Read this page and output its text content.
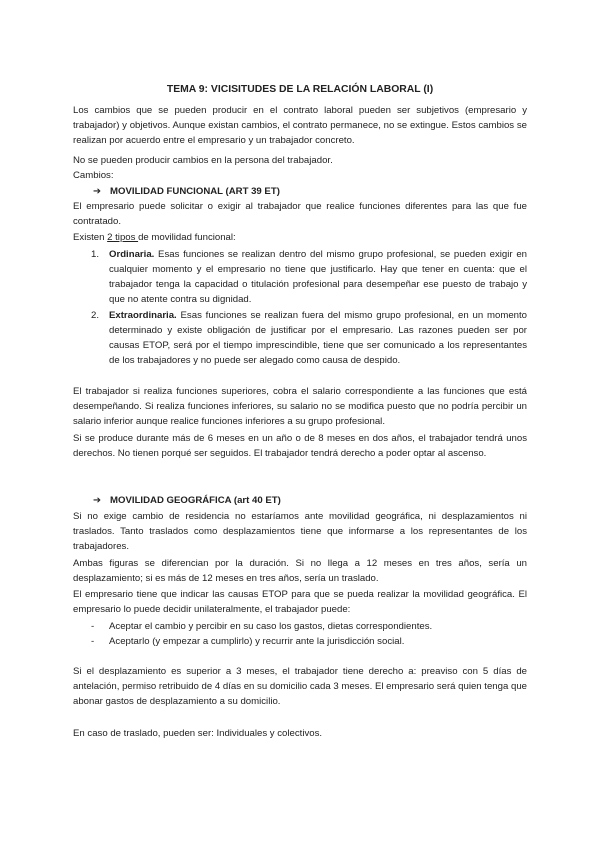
TEMA 9: VICISITUDES DE LA RELACIÓN LABORAL (I)

Los cambios que se pueden producir en el contrato laboral pueden ser subjetivos (empresario y trabajador) y objetivos. Aunque existan cambios, el contrato permanece, no se extingue. Estos cambios se realizan por acuerdo entre el empresario y un trabajador concreto.

No se pueden producir cambios en la persona del trabajador.
Cambios:
➔ MOVILIDAD FUNCIONAL (ART 39 ET)

El empresario puede solicitar o exigir al trabajador que realice funciones diferentes para las que fue contratado.

Existen 2 tipos de movilidad funcional:
1. Ordinaria. Esas funciones se realizan dentro del mismo grupo profesional, se pueden exigir en cualquier momento y el empresario no tiene que justificarlo. Hay que tener en cuenta: que el trabajador tenga la capacidad o titulación profesional para desempeñar ese puesto de trabajo y que no atente contra su dignidad.

2. Extraordinaria. Esas funciones se realizan fuera del mismo grupo profesional, en un momento determinado y existe obligación de justificar por el empresario. Las razones pueden ser por causas ETOP, será por el tiempo imprescindible, tiene que ser comunicado a los representantes de los trabajadores y no puede ser alegado como causa de despido.

El trabajador si realiza funciones superiores, cobra el salario correspondiente a las funciones que está desempeñando. Si realiza funciones inferiores, su salario no se modifica puesto que no podría percibir un salario inferior aunque realice funciones inferiores a su grupo profesional.

Si se produce durante más de 6 meses en un año o de 8 meses en dos años, el trabajador tendrá unos derechos. No tienen porqué ser seguidos. El trabajador tendrá derecho a poder optar al ascenso.

➔ MOVILIDAD GEOGRÁFICA (art 40 ET)

Si no exige cambio de residencia no estaríamos ante movilidad geográfica, ni desplazamientos ni traslados. Tanto traslados como desplazamientos tiene que informarse a los representantes de los trabajadores.

Ambas figuras se diferencian por la duración. Si no llega a 12 meses en tres años, sería un desplazamiento; si es más de 12 meses en tres años, sería un traslado.

El empresario tiene que indicar las causas ETOP para que se pueda realizar la movilidad geográfica. El empresario lo puede decidir unilateralmente, el trabajador puede:

- Aceptar el cambio y percibir en su caso los gastos, dietas correspondientes.
- Aceptarlo (y empezar a cumplirlo) y recurrir ante la jurisdicción social.

Si el desplazamiento es superior a 3 meses, el trabajador tiene derecho a: preaviso con 5 días de antelación, permiso retribuido de 4 días en su domicilio cada 3 meses. El empresario será quien tenga que abonar gastos de desplazamiento a su domicilio.

En caso de traslado, pueden ser: Individuales y colectivos.
